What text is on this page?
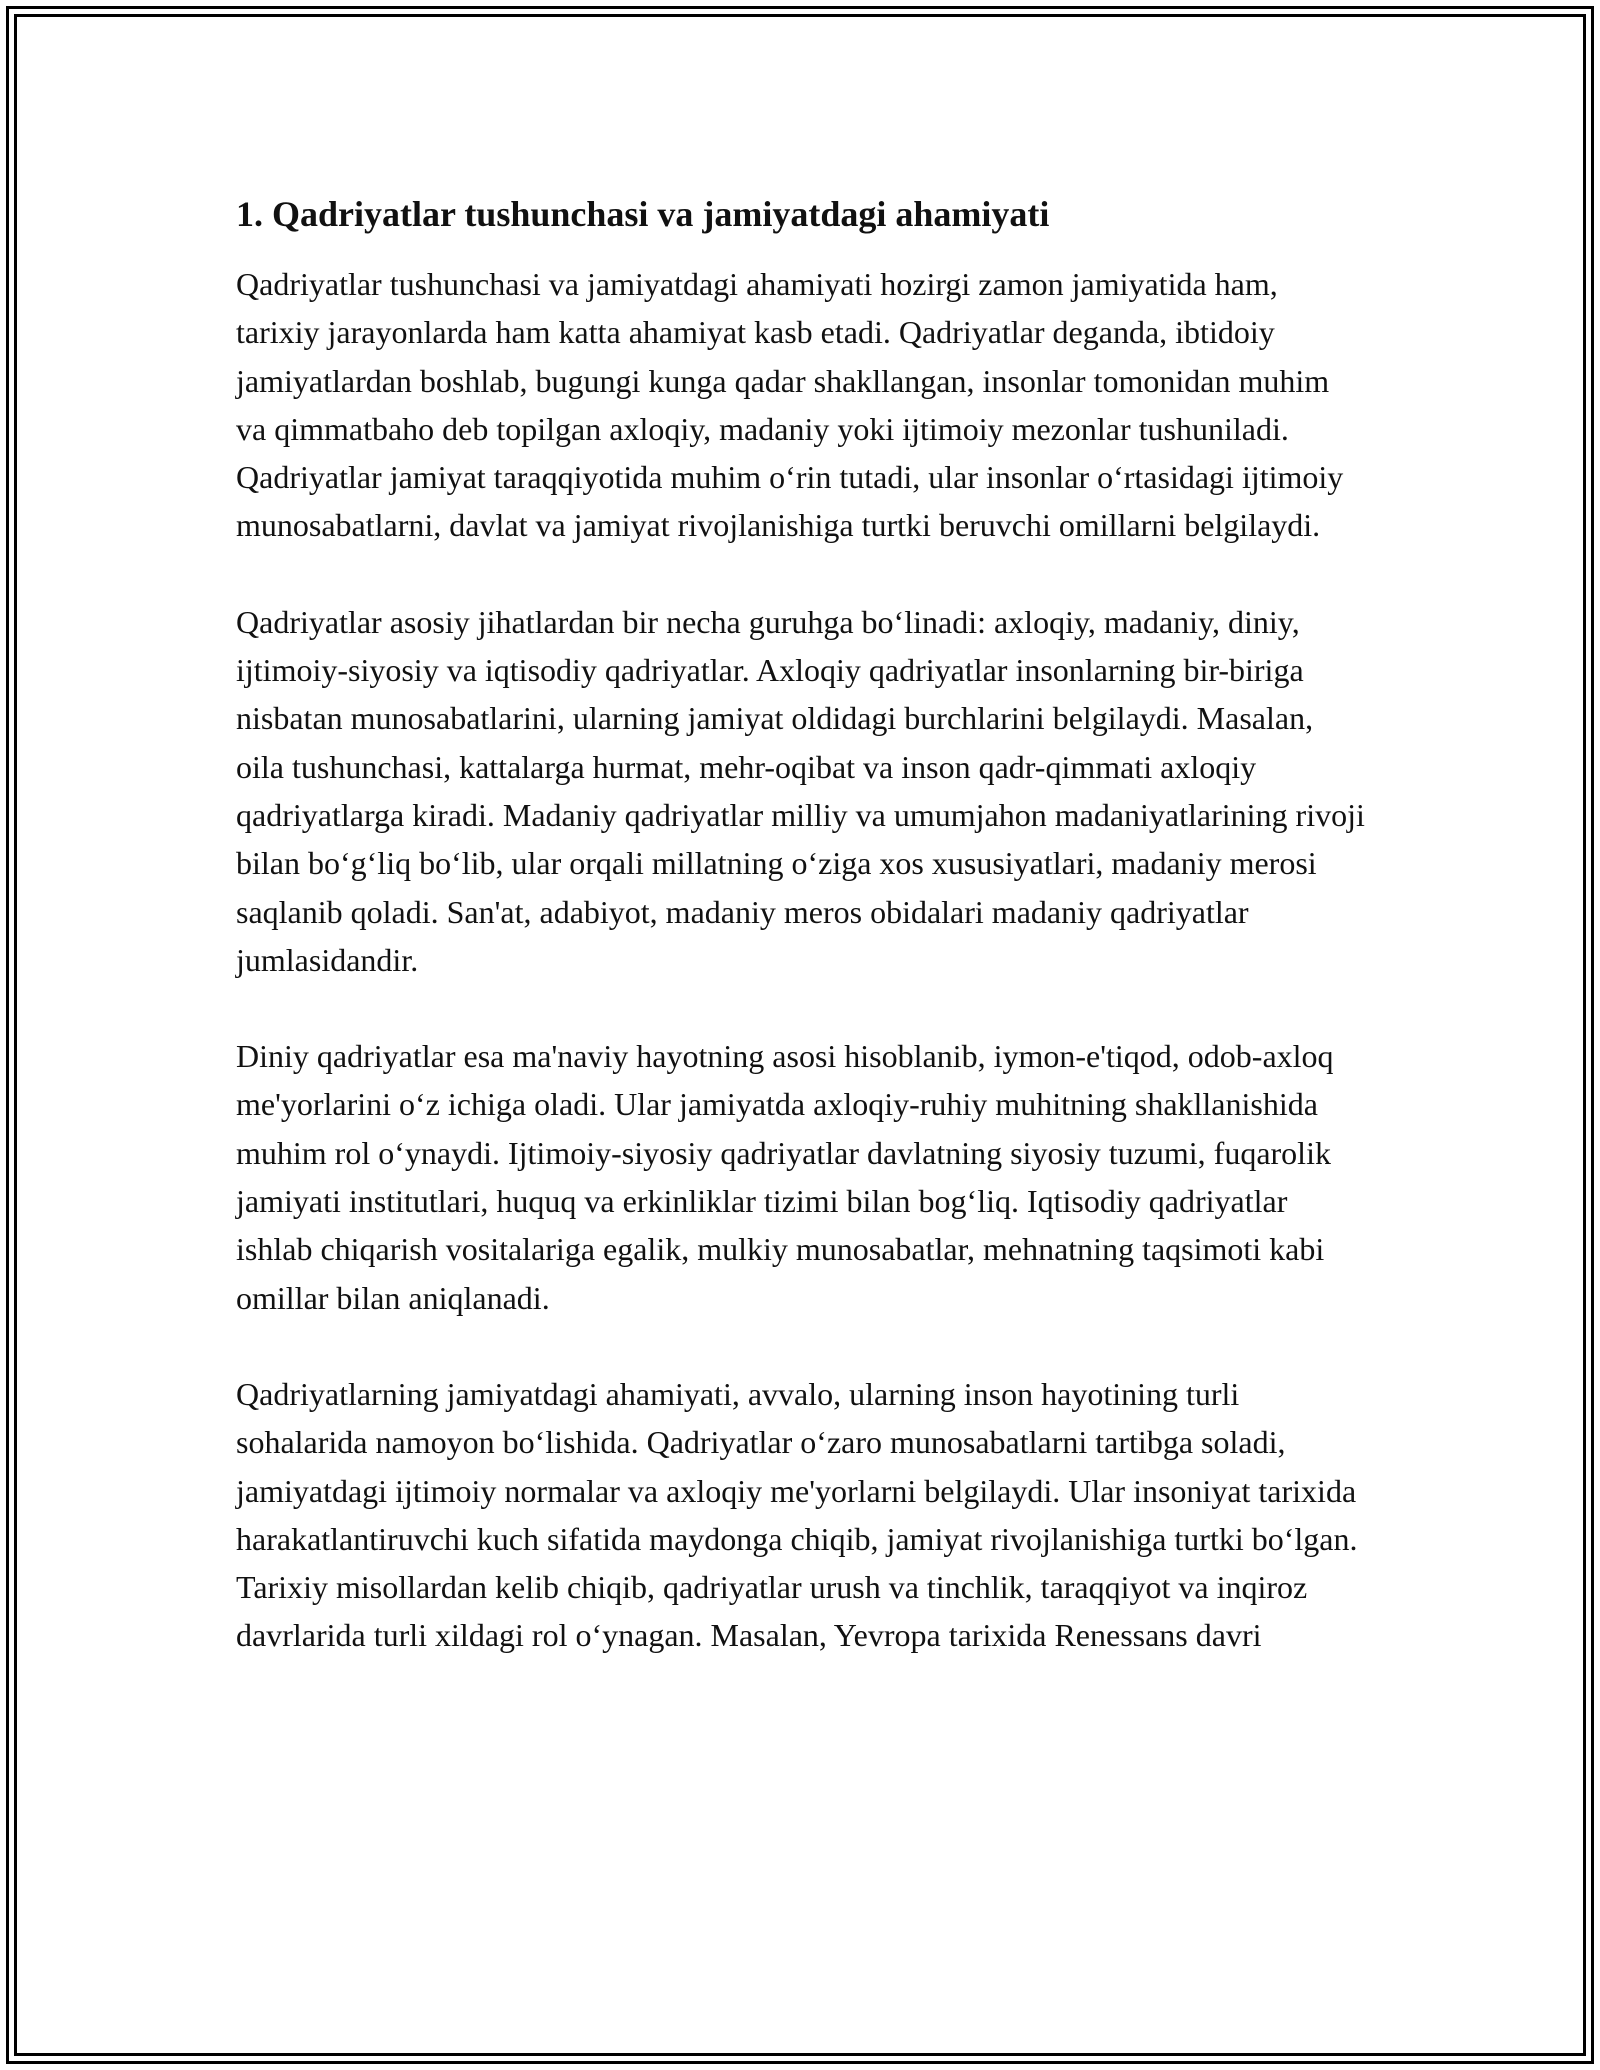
1. Qadriyatlar tushunchasi va jamiyatdagi ahamiyati

Qadriyatlar tushunchasi va jamiyatdagi ahamiyati hozirgi zamon jamiyatida ham, tarixiy jarayonlarda ham katta ahamiyat kasb etadi. Qadriyatlar deganda, ibtidoiy jamiyatlardan boshlab, bugungi kunga qadar shakllangan, insonlar tomonidan muhim va qimmatbaho deb topilgan axloqiy, madaniy yoki ijtimoiy mezonlar tushuniladi. Qadriyatlar jamiyat taraqqiyotida muhim o‘rin tutadi, ular insonlar o‘rtasidagi ijtimoiy munosabatlarni, davlat va jamiyat rivojlanishiga turtki beruvchi omillarni belgilaydi.

Qadriyatlar asosiy jihatlardan bir necha guruhga bo‘linadi: axloqiy, madaniy, diniy, ijtimoiy-siyosiy va iqtisodiy qadriyatlar. Axloqiy qadriyatlar insonlarning bir-biriga nisbatan munosabatlarini, ularning jamiyat oldidagi burchlarini belgilaydi. Masalan, oila tushunchasi, kattalarga hurmat, mehr-oqibat va inson qadr-qimmati axloqiy qadriyatlarga kiradi. Madaniy qadriyatlar milliy va umumjahon madaniyatlarining rivoji bilan bo‘g‘liq bo‘lib, ular orqali millatning o‘ziga xos xususiyatlari, madaniy merosi saqlanib qoladi. San'at, adabiyot, madaniy meros obidalari madaniy qadriyatlar jumlasidandir.

Diniy qadriyatlar esa ma'naviy hayotning asosi hisoblanib, iymon-e'tiqod, odob-axloq me'yorlarini o‘z ichiga oladi. Ular jamiyatda axloqiy-ruhiy muhitning shakllanishida muhim rol o‘ynaydi. Ijtimoiy-siyosiy qadriyatlar davlatning siyosiy tuzumi, fuqarolik jamiyati institutlari, huquq va erkinliklar tizimi bilan bog‘liq. Iqtisodiy qadriyatlar ishlab chiqarish vositalariga egalik, mulkiy munosabatlar, mehnatning taqsimoti kabi omillar bilan aniqlanadi.

Qadriyatlarning jamiyatdagi ahamiyati, avvalo, ularning inson hayotining turli sohalarida namoyon bo‘lishida. Qadriyatlar o‘zaro munosabatlarni tartibga soladi, jamiyatdagi ijtimoiy normalar va axloqiy me'yorlarni belgilaydi. Ular insoniyat tarixida harakatlantiruvchi kuch sifatida maydonga chiqib, jamiyat rivojlanishiga turtki bo‘lgan. Tarixiy misollardan kelib chiqib, qadriyatlar urush va tinchlik, taraqqiyot va inqiroz davrlarida turli xildagi rol o‘ynagan. Masalan, Yevropa tarixida Renessans davri
